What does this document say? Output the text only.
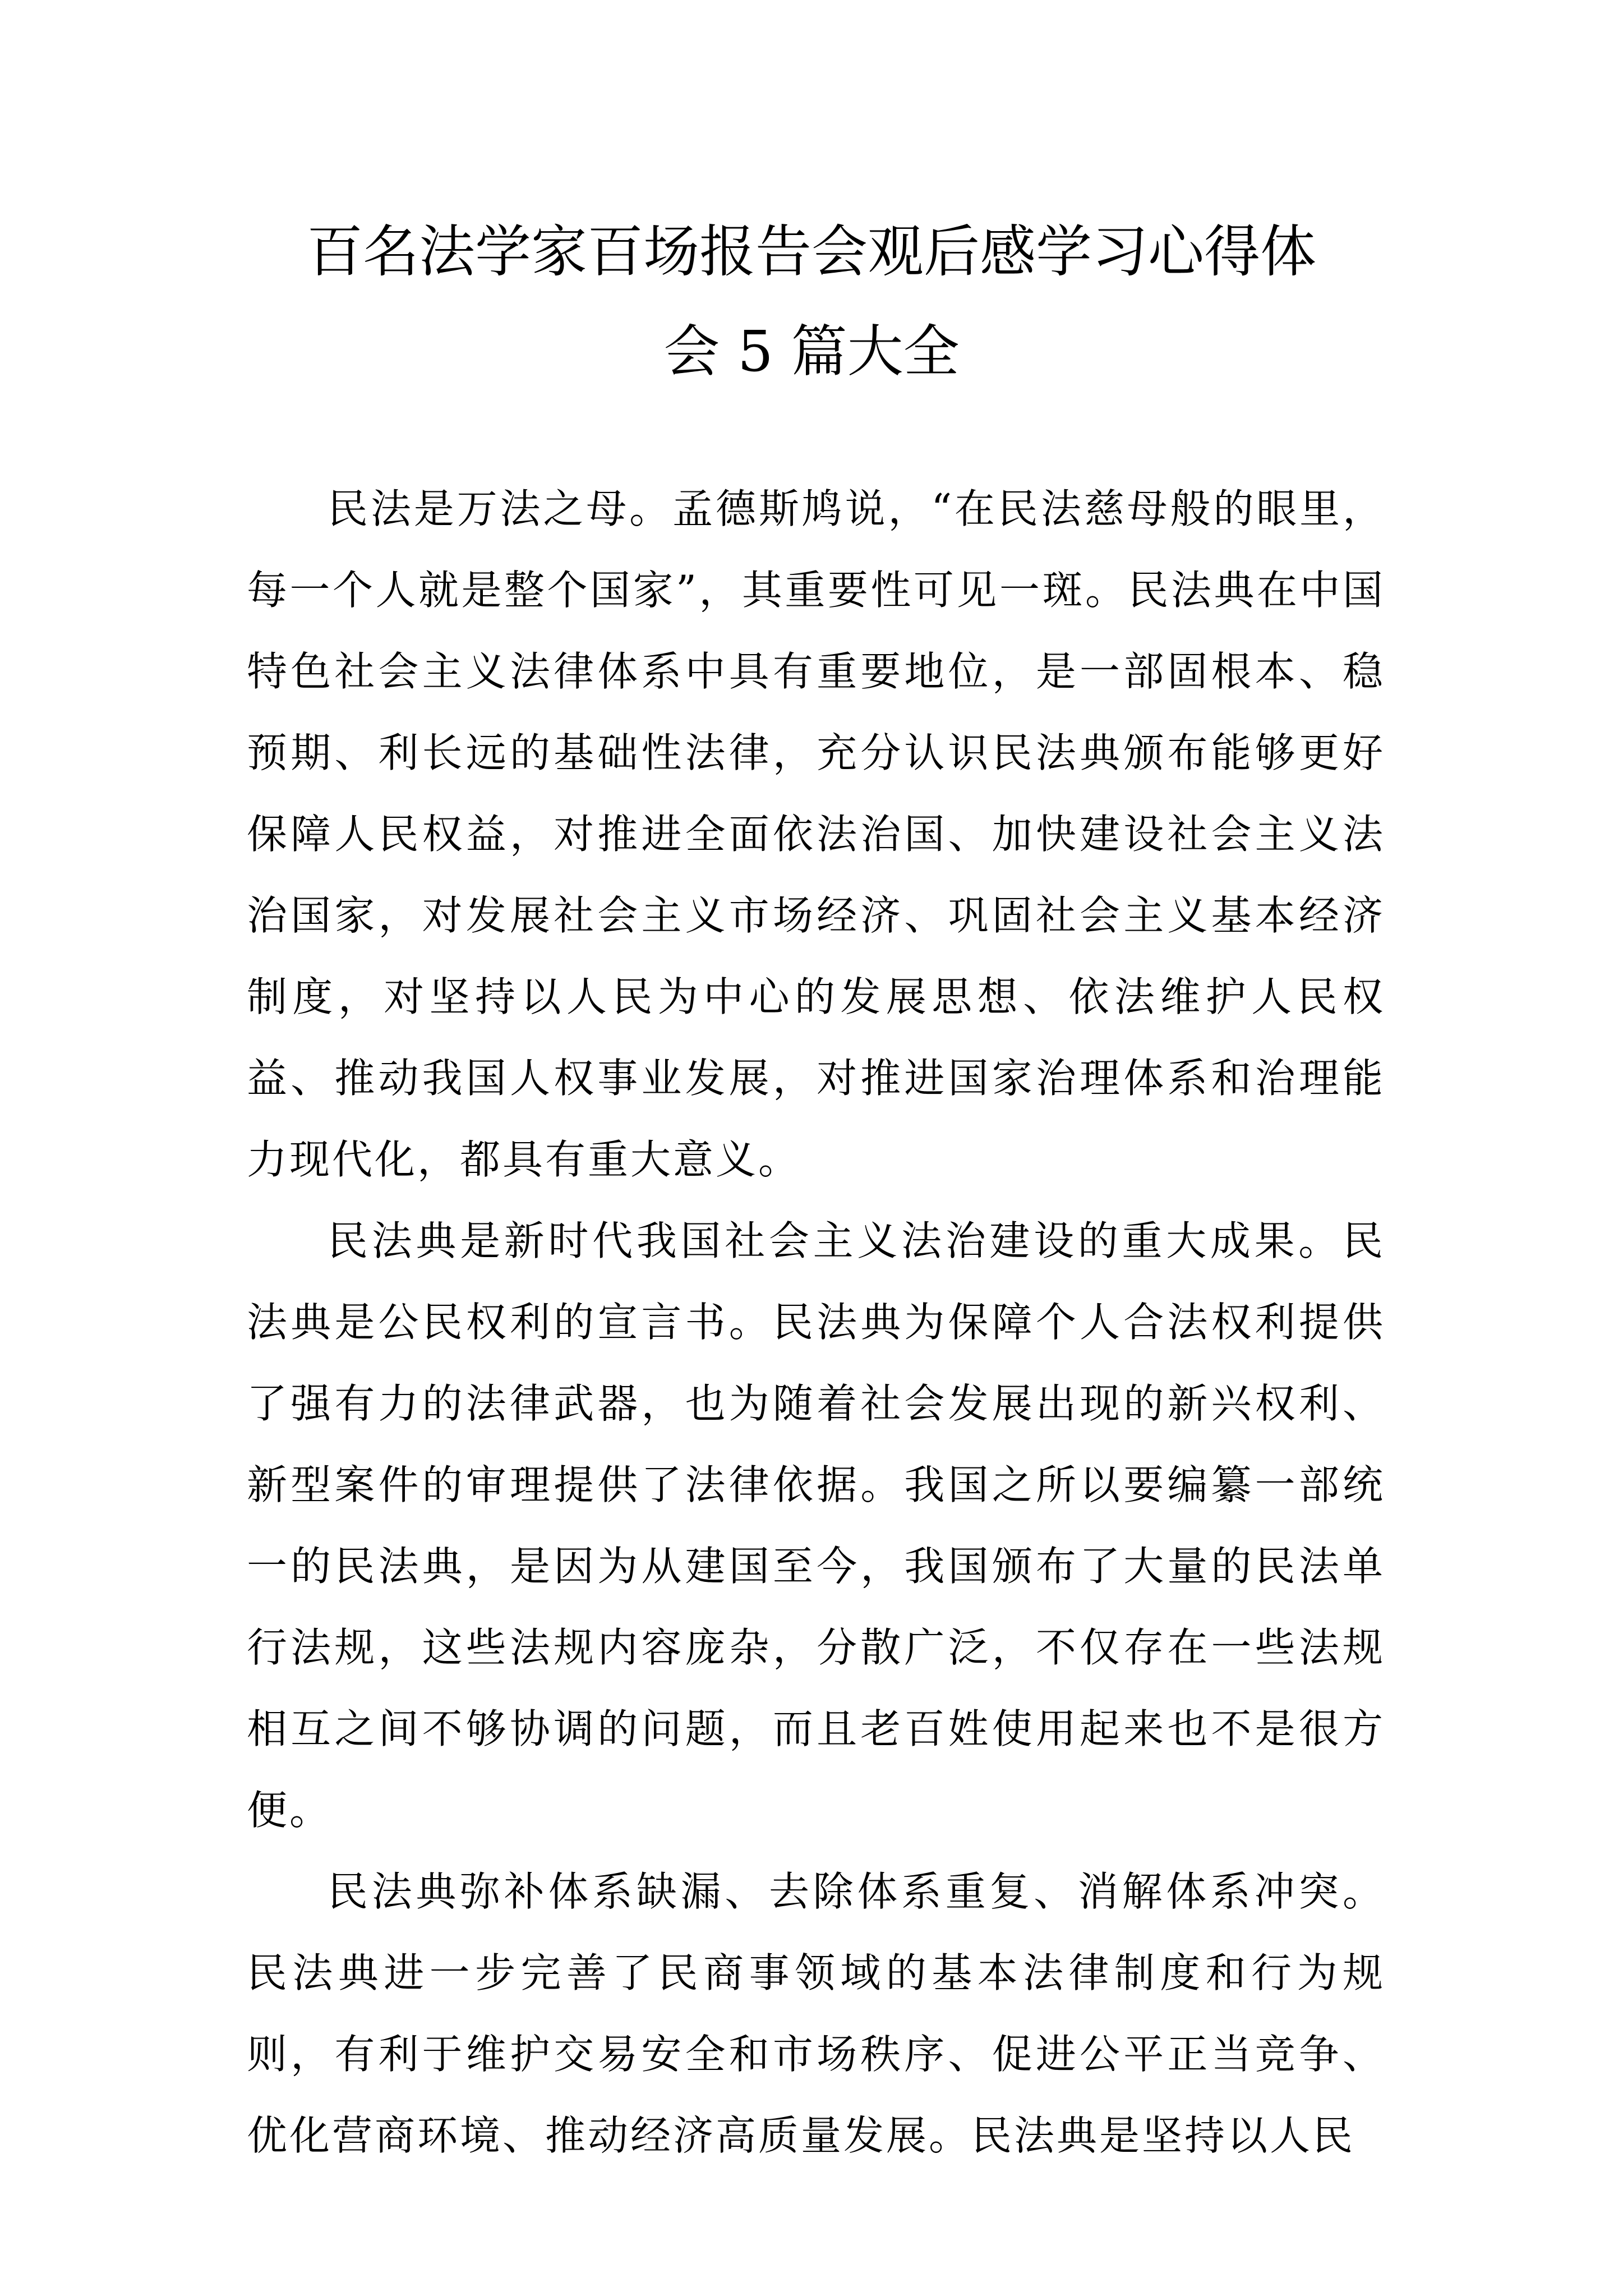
百名法学家百场报告会观后感学习心得体
会 5 篇大全

民法是万法之母。孟德斯鸠说，“在民法慈母般的眼里，每一个人就是整个国家”，其重要性可见一斑。民法典在中国特色社会主义法律体系中具有重要地位，是一部固根本、稳预期、利长远的基础性法律，充分认识民法典颁布能够更好保障人民权益，对推进全面依法治国、加快建设社会主义法治国家，对发展社会主义市场经济、巩固社会主义基本经济制度，对坚持以人民为中心的发展思想、依法维护人民权益、推动我国人权事业发展，对推进国家治理体系和治理能力现代化，都具有重大意义。

民法典是新时代我国社会主义法治建设的重大成果。民法典是公民权利的宣言书。民法典为保障个人合法权利提供了强有力的法律武器，也为随着社会发展出现的新兴权利、新型案件的审理提供了法律依据。我国之所以要编纂一部统一的民法典，是因为从建国至今，我国颁布了大量的民法单行法规，这些法规内容庞杂，分散广泛，不仅存在一些法规相互之间不够协调的问题，而且老百姓使用起来也不是很方便。

民法典弥补体系缺漏、去除体系重复、消解体系冲突。民法典进一步完善了民商事领域的基本法律制度和行为规则，有利于维护交易安全和市场秩序、促进公平正当竞争、优化营商环境、推动经济高质量发展。民法典是坚持以人民
